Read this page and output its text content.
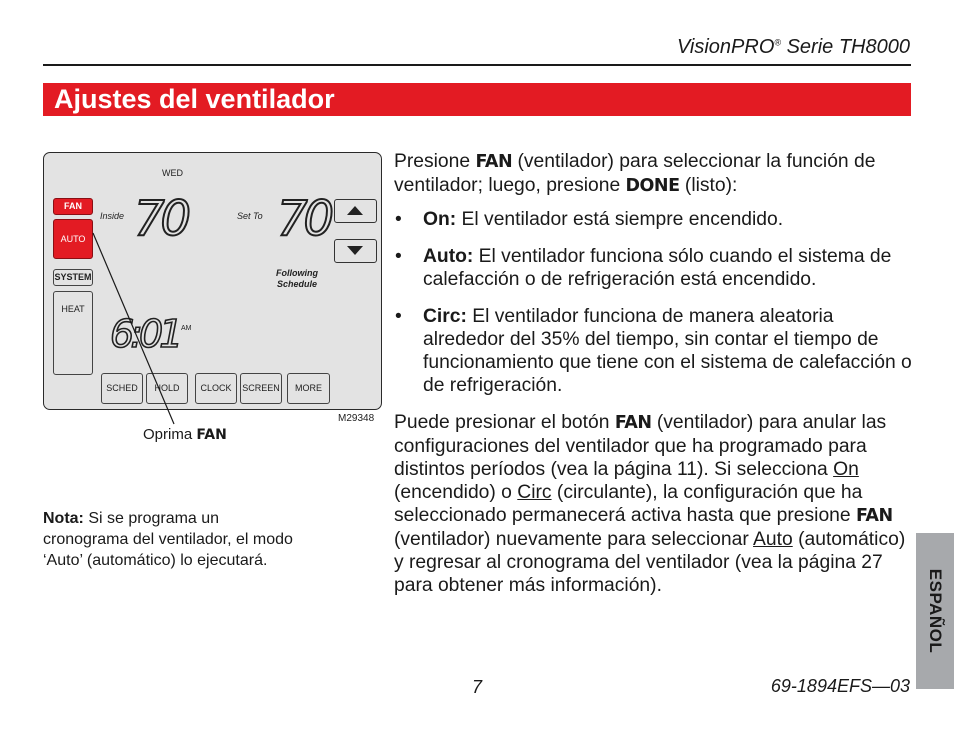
VisionPRO® Serie TH8000
Ajustes del ventilador
WED
FAN
AUTO
SYSTEM
HEAT
Inside 70	Set To 70
Following
Schedule
6:01 AM
SCHED	HOLD	CLOCK	SCREEN	MORE
M29348
Oprima FAN
Nota: Si se programa un cronograma del ventilador, el modo ‘Auto’ (automático) lo ejecutará.

Presione FAN (ventilador) para seleccionar la función de ventilador; luego, presione DONE (listo):

• On: El ventilador está siempre encendido.
• Auto: El ventilador funciona sólo cuando el sistema de calefacción o de refrigeración está encendido.
• Circ: El ventilador funciona de manera aleatoria alrededor del 35% del tiempo, sin contar el tiempo de funcionamiento que tiene con el sistema de calefacción o de refrigeración.

Puede presionar el botón FAN (ventilador) para anular las configuraciones del ventilador que ha programado para distintos períodos (vea la página 11). Si selecciona On (encendido) o Circ (circulante), la configuración que ha seleccionado permanecerá activa hasta que presione FAN (ventilador) nuevamente para seleccionar Auto (automático) y regresar al cronograma del ventilador (vea la página 27 para obtener más información).	ESPAÑOL
7	69-1894EFS—03
